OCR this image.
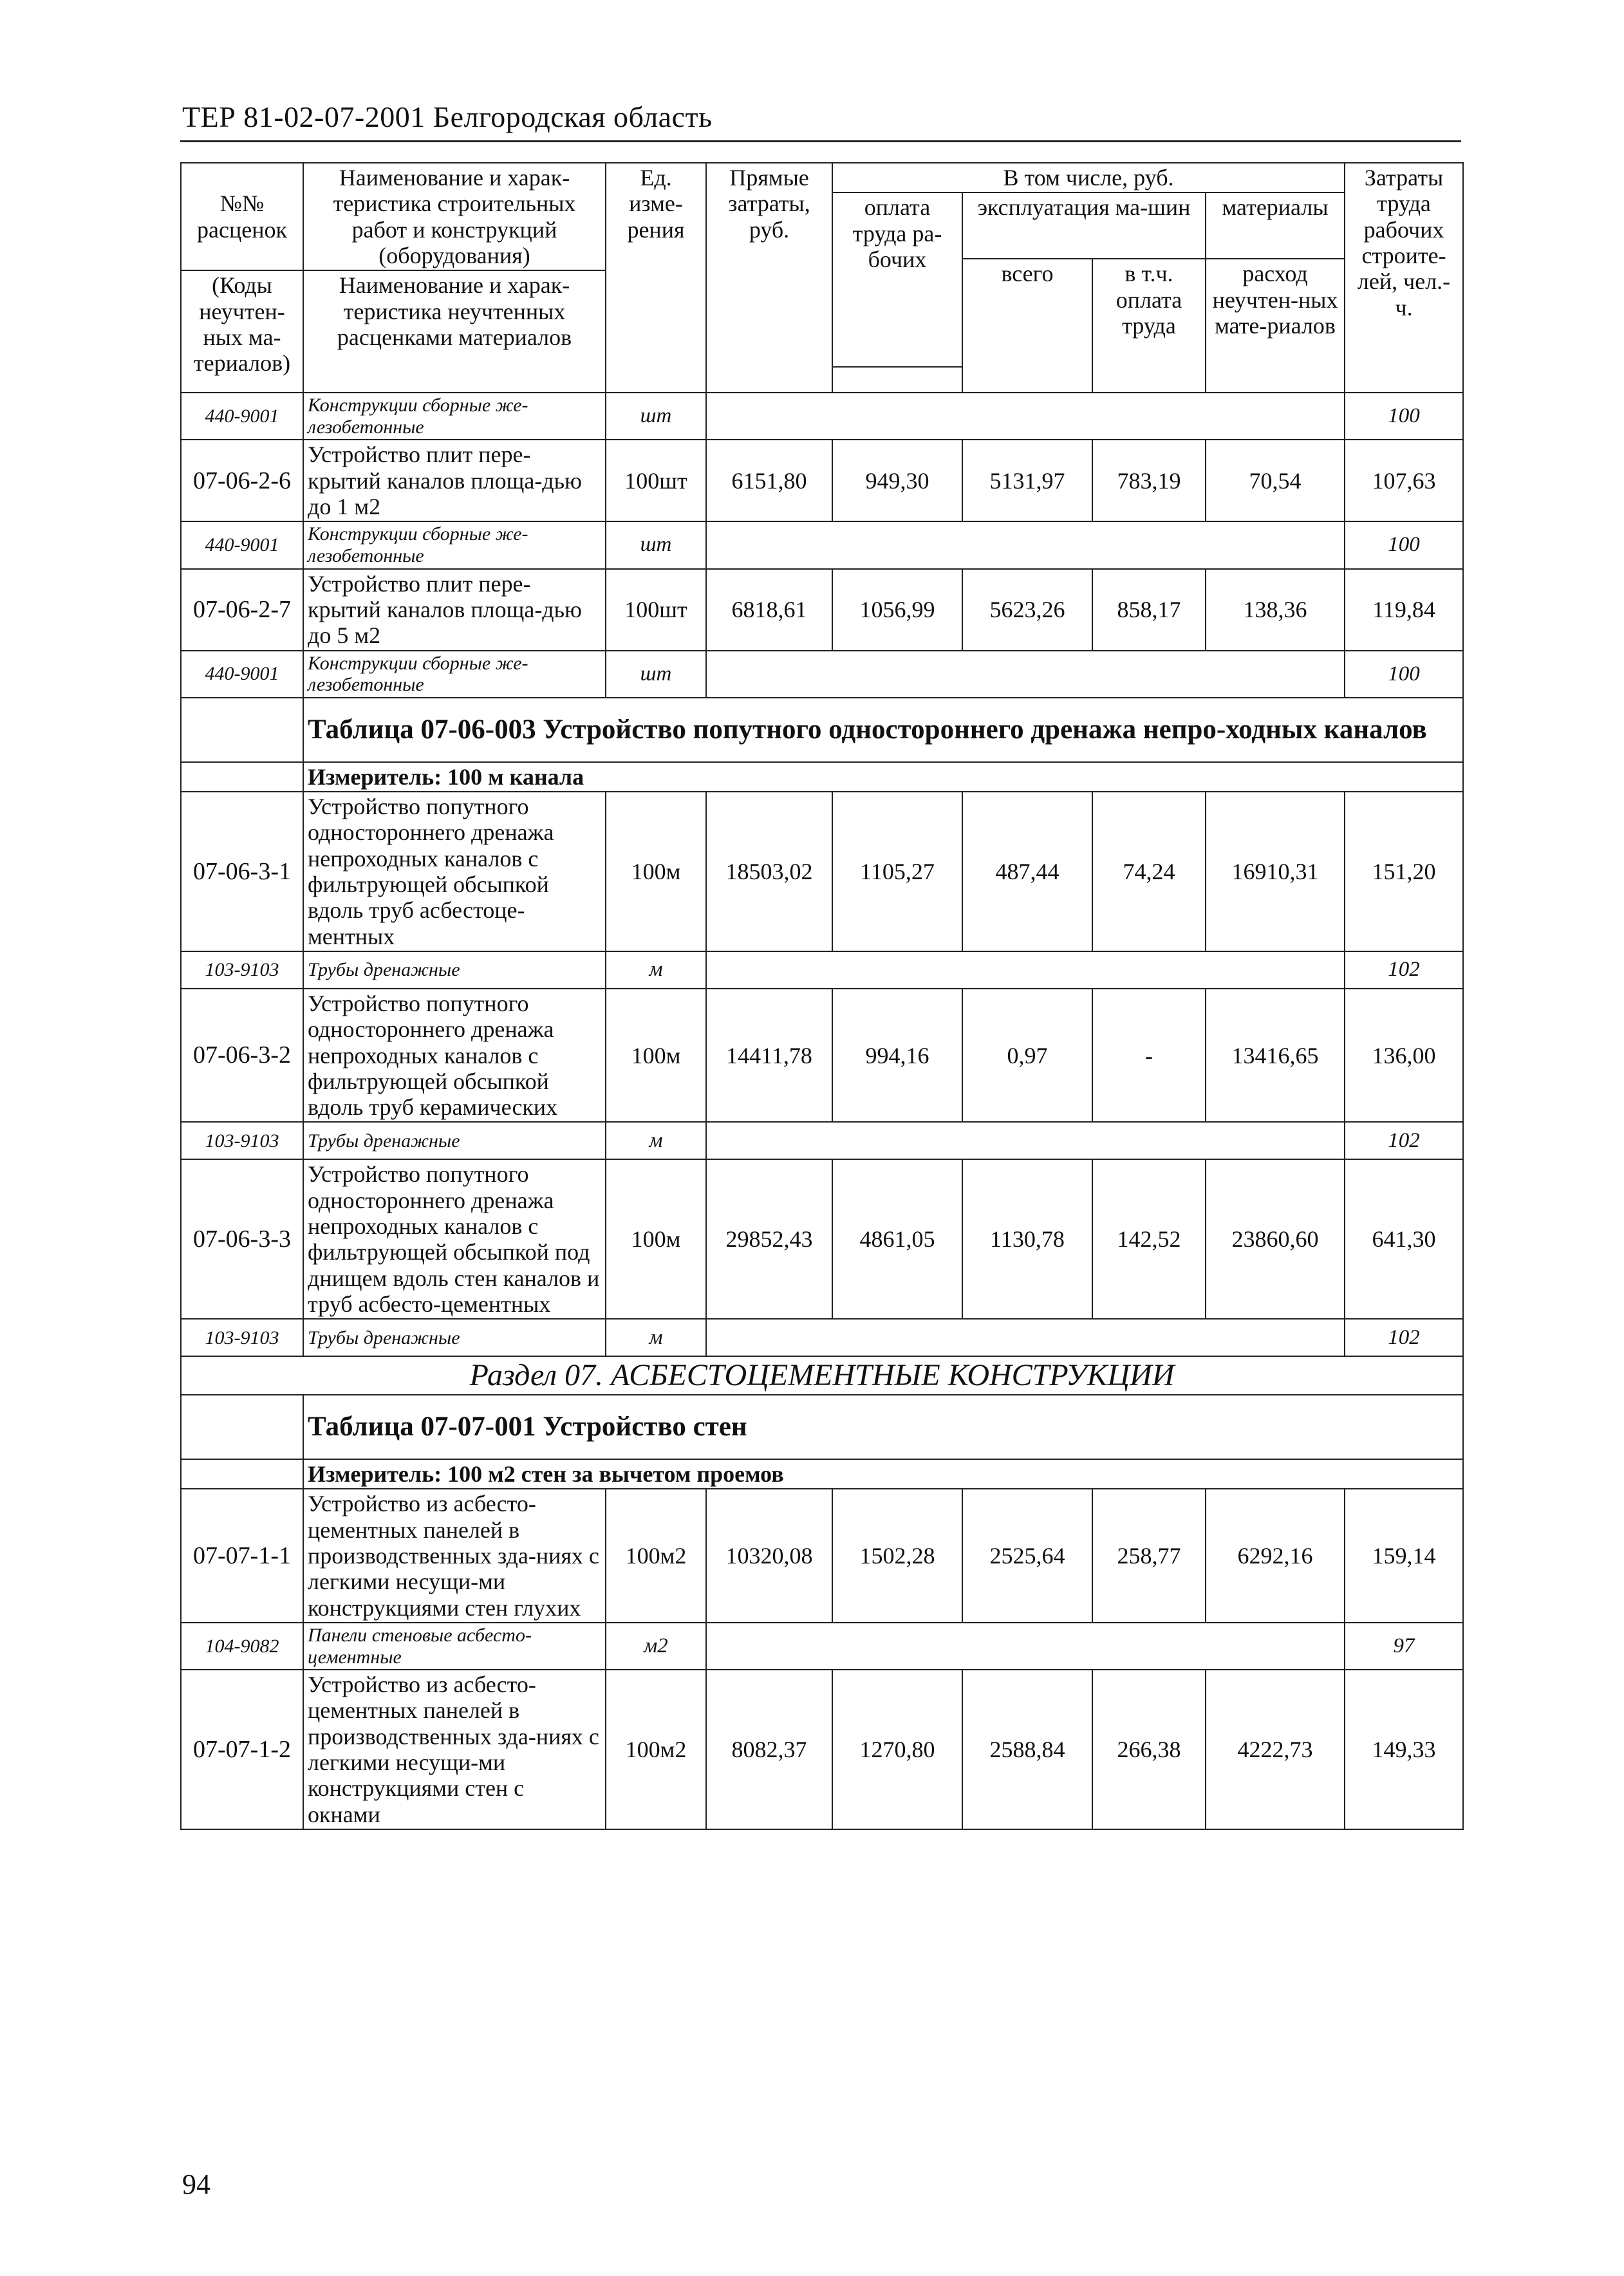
ТЕР 81-02-07-2001 Белгородская область
№№ расценок	Наименование и харак-теристика строительных работ и конструкций (оборудования)	Ед. изме-рения	Прямые затраты, руб.	В том числе, руб.				Затраты труда рабочих строите-лей, чел.-ч.	
				оплата труда ра-бочих	эксплуатация ма-шин		материалы		
					всего	в т.ч. оплата труда	расход неучтен-ных мате-риалов		
(Коды неучтен-ных ма-териалов)	Наименование и харак-теристика неучтенных расценками материалов								

440-9001	Конструкции сборные же-лезобетонные	шт						100	
07-06-2-6	Устройство плит пере-крытий каналов площа-дью до 1 м2	100шт	6151,80	949,30	5131,97	783,19	70,54	107,63	
440-9001	Конструкции сборные же-лезобетонные	шт						100	
07-06-2-7	Устройство плит пере-крытий каналов площа-дью до 5 м2	100шт	6818,61	1056,99	5623,26	858,17	138,36	119,84	
440-9001	Конструкции сборные же-лезобетонные	шт						100	
	Таблица 07-06-003 Устройство попутного одностороннего дренажа непро-ходных каналов								
	Измеритель: 100 м канала								
07-06-3-1	Устройство попутного одностороннего дренажа непроходных каналов с фильтрующей обсыпкой вдоль труб асбестоце-ментных	100м	18503,02	1105,27	487,44	74,24	16910,31	151,20	
103-9103	Трубы дренажные	м						102	
07-06-3-2	Устройство попутного одностороннего дренажа непроходных каналов с фильтрующей обсыпкой вдоль труб керамических	100м	14411,78	994,16	0,97	-	13416,65	136,00	
103-9103	Трубы дренажные	м						102	
07-06-3-3	Устройство попутного одностороннего дренажа непроходных каналов с фильтрующей обсыпкой под днищем вдоль стен каналов и труб асбесто-цементных	100м	29852,43	4861,05	1130,78	142,52	23860,60	641,30	
103-9103	Трубы дренажные	м						102	
Раздел 07. АСБЕСТОЦЕМЕНТНЫЕ КОНСТРУКЦИИ									
	Таблица 07-07-001 Устройство стен								
	Измеритель: 100 м2 стен за вычетом проемов								
07-07-1-1	Устройство из асбесто-цементных панелей в производственных зда-ниях с легкими несущи-ми конструкциями стен глухих	100м2	10320,08	1502,28	2525,64	258,77	6292,16	159,14	
104-9082	Панели стеновые асбесто-цементные	м2						97	
07-07-1-2	Устройство из асбесто-цементных панелей в производственных зда-ниях с легкими несущи-ми конструкциями стен с окнами	100м2	8082,37	1270,80	2588,84	266,38	4222,73	149,33	
94
